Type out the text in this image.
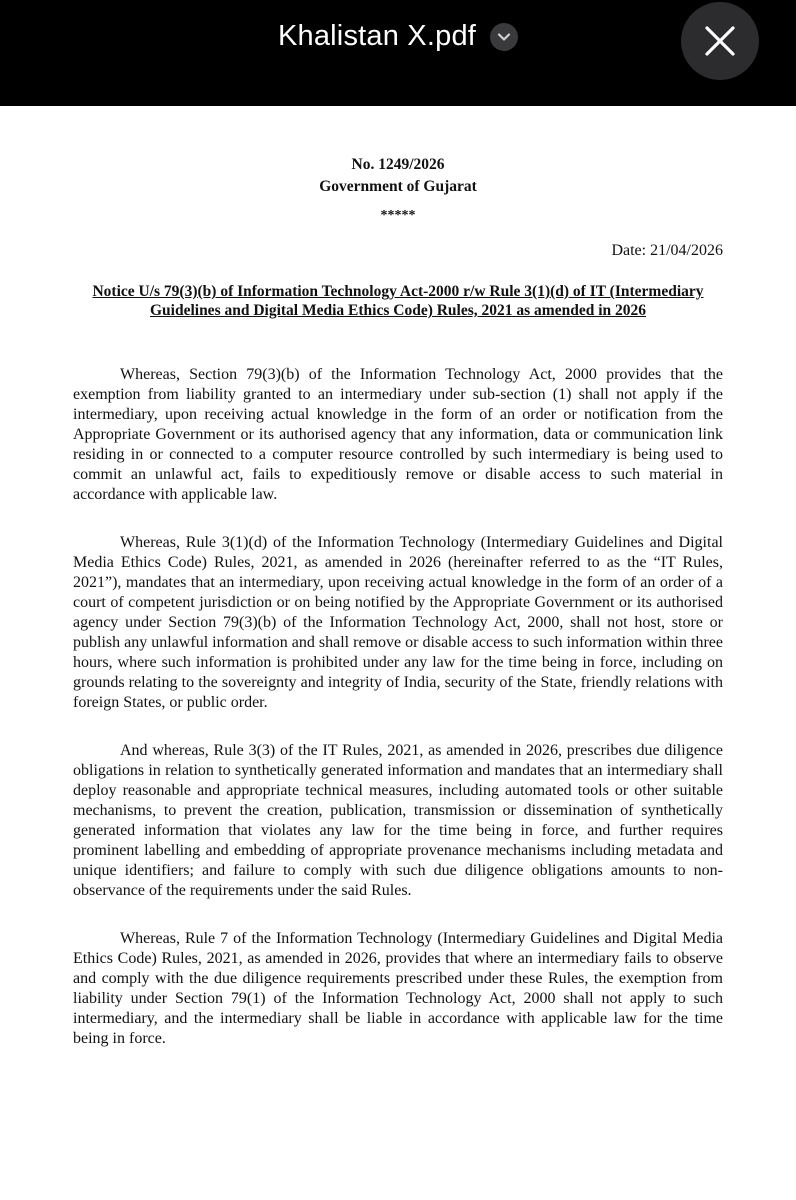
Khalistan X.pdf
No. 1249/2026
Government of Gujarat
*****
Date: 21/04/2026
Notice U/s 79(3)(b) of Information Technology Act-2000 r/w Rule 3(1)(d) of IT (Intermediary Guidelines and Digital Media Ethics Code) Rules, 2021 as amended in 2026

Whereas, Section 79(3)(b) of the Information Technology Act, 2000 provides that the exemption from liability granted to an intermediary under sub-section (1) shall not apply if the intermediary, upon receiving actual knowledge in the form of an order or notification from the Appropriate Government or its authorised agency that any information, data or communication link residing in or connected to a computer resource controlled by such intermediary is being used to commit an unlawful act, fails to expeditiously remove or disable access to such material in accordance with applicable law.

Whereas, Rule 3(1)(d) of the Information Technology (Intermediary Guidelines and Digital Media Ethics Code) Rules, 2021, as amended in 2026 (hereinafter referred to as the “IT Rules, 2021”), mandates that an intermediary, upon receiving actual knowledge in the form of an order of a court of competent jurisdiction or on being notified by the Appropriate Government or its authorised agency under Section 79(3)(b) of the Information Technology Act, 2000, shall not host, store or publish any unlawful information and shall remove or disable access to such information within three hours, where such information is prohibited under any law for the time being in force, including on grounds relating to the sovereignty and integrity of India, security of the State, friendly relations with foreign States, or public order.

And whereas, Rule 3(3) of the IT Rules, 2021, as amended in 2026, prescribes due diligence obligations in relation to synthetically generated information and mandates that an intermediary shall deploy reasonable and appropriate technical measures, including automated tools or other suitable mechanisms, to prevent the creation, publication, transmission or dissemination of synthetically generated information that violates any law for the time being in force, and further requires prominent labelling and embedding of appropriate provenance mechanisms including metadata and unique identifiers; and failure to comply with such due diligence obligations amounts to non-observance of the requirements under the said Rules.

Whereas, Rule 7 of the Information Technology (Intermediary Guidelines and Digital Media Ethics Code) Rules, 2021, as amended in 2026, provides that where an intermediary fails to observe and comply with the due diligence requirements prescribed under these Rules, the exemption from liability under Section 79(1) of the Information Technology Act, 2000 shall not apply to such intermediary, and the intermediary shall be liable in accordance with applicable law for the time being in force.
